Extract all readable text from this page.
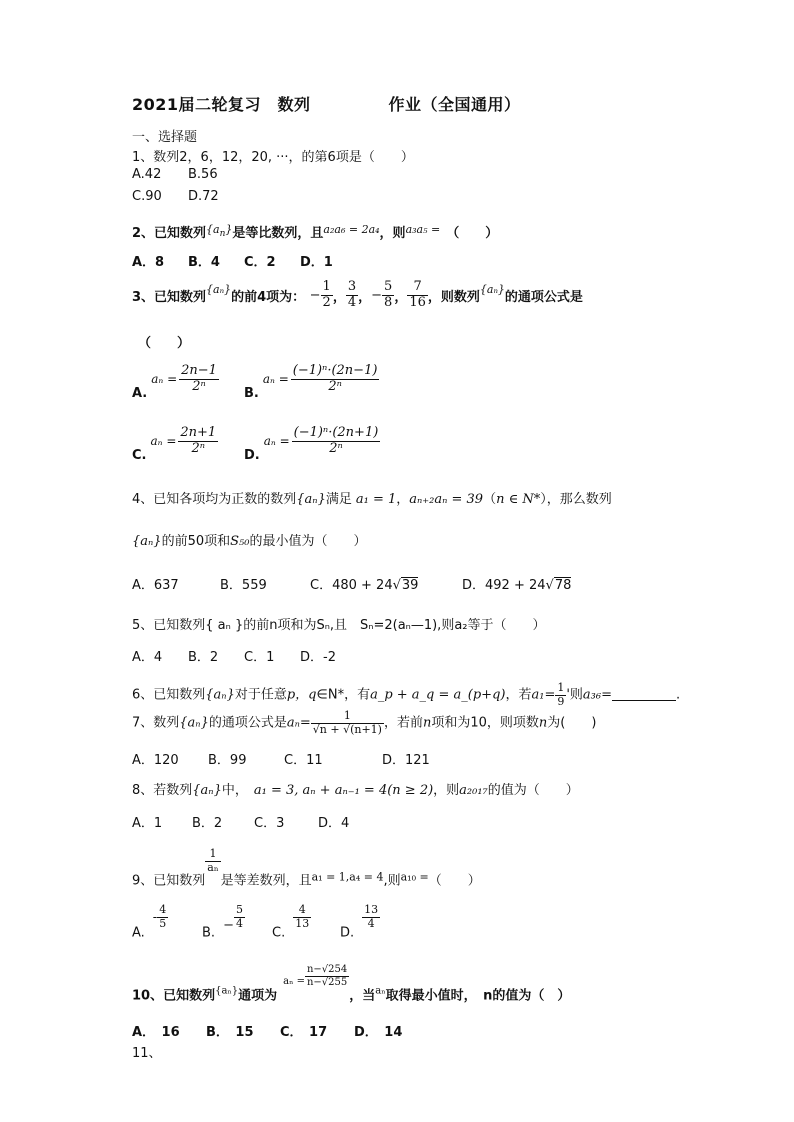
2021届二轮复习　数列	作业（全国通用）
一、选择题
1、数列2，6，12，20, ···，的第6项是（　　）
A.42 B.56
C.90 D.72
2、已知数列$^{\{a_n\}}$是等比数列，且$^{a_2a_6 = 2a_4}$，则$^{a_3a_5 =}$ （　　）
A．8 B．4 C．2 D．1
3、已知数列$^{\{a_n\}}$的前4项为： − $\frac{1}{2}$ ， $\frac{3}{4}$ ，− $\frac{5}{8}$ ， $\frac{7}{16}$ ，则数列$^{\{a_n\}}$的通项公式是
（　　）
$A.a_n = \frac{2n-1}{\text{2ⁿ}} B.a_n = \frac{\text{(−1)ⁿ·(2n−1)}}{\text{2ⁿ}}$
$C.a_n = \frac{2n+1}{\text{2ⁿ}} D.a_n = \frac{\text{(−1)ⁿ·(2n+1)}}{\text{2ⁿ}}$
4、已知各项均为正数的数列{aₙ}满足 a₁ = 1，aₙ₊₂aₙ = 39（n ∈ N*），那么数列
{aₙ}的前50项和S₅₀的最小值为（　　）
A．637	B．559	C．480 + 24√39	D．492 + 24√78
5、已知数列{ aₙ }的前n项和为Sₙ,且　Sₙ=2(aₙ—1),则a₂等于（　　）
A．4 B．2 C．1 D．-2
6、已知数列{aₙ}对于任意p，q∈N*，有a_p + a_q = a_(p+q)，若$a_1= \frac{1}{9}$ '则a₃₆=	.
7、数列{aₙ}的通项公式是$a_n= \frac{1}{√n + √(n+1)}$ ，若前n项和为10，则项数n为(　　)
A．120 B．99	C．11	D．121
8、若数列{aₙ}中， a₁ = 3, aₙ + aₙ₋₁ = 4(n ≥ 2)，则a₂₀₁₇的值为（　　）
A．1 B．2 C．3	D．4
9、已知数列
$\frac{1}{\text{aₙ}}$
是等差数列，且$_{a_1 = 1,a_4 = 4}$,则$_{a_{10} =}$（　　）
$A.- \frac{4}{5}$
$B.- \frac{5}{4}$
C.
$\frac{4}{13}$
D.
$\frac{13}{4}$
10、已知数列$_{\{a_n\}}$通项为$_{a_n =} \frac{n-√254}{n-√255}$
，当$_{a_n}$取得最小值时，　n的值为（　）
A．　16 B．　15 C．　17 D．　14
11、
